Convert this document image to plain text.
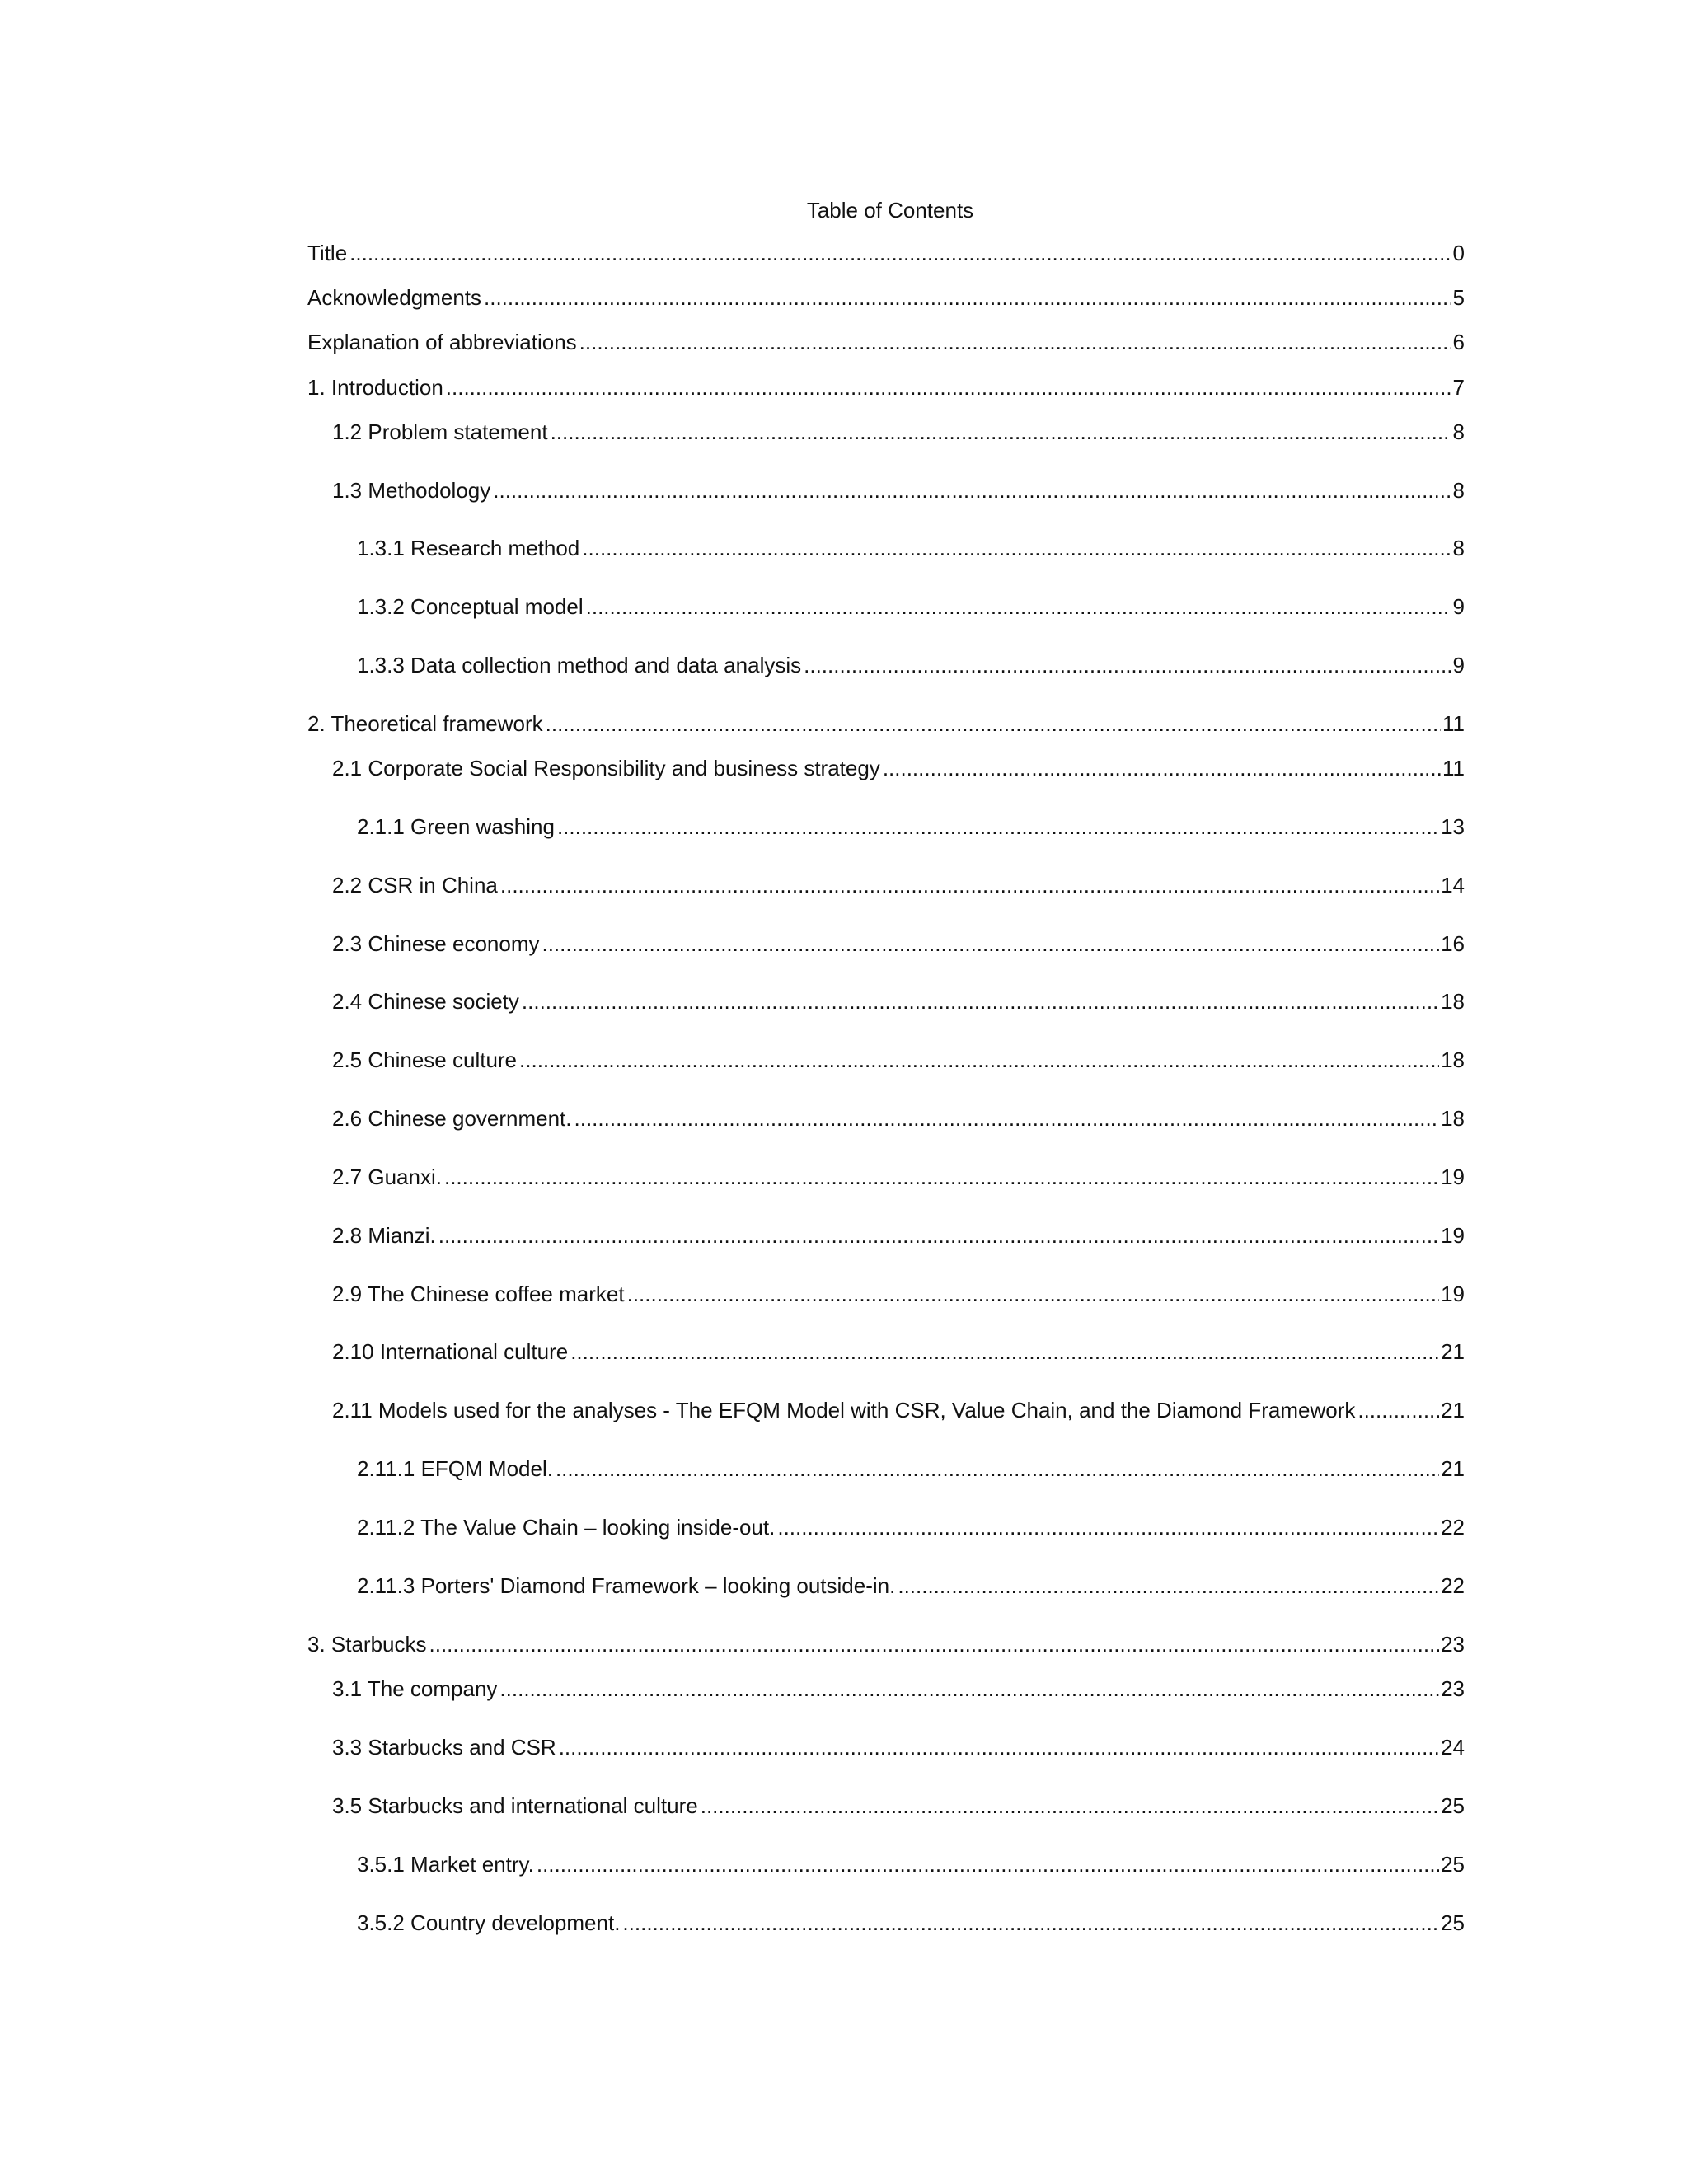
Table of Contents
Title .....	0
Acknowledgments .....	5
Explanation of abbreviations .....	6
1. Introduction .....	7
1.2 Problem statement .....	8
1.3 Methodology .....	8
1.3.1 Research method .....	8
1.3.2 Conceptual model .....	9
1.3.3 Data collection method and data analysis .....	9
2. Theoretical framework .....	11
2.1 Corporate Social Responsibility and business strategy .....	11
2.1.1 Green washing .....	13
2.2 CSR in China .....	14
2.3 Chinese economy .....	16
2.4 Chinese society .....	18
2.5 Chinese culture .....	18
2.6 Chinese government. .....	18
2.7 Guanxi. .....	19
2.8 Mianzi. .....	19
2.9 The Chinese coffee market .....	19
2.10 International culture .....	21
2.11 Models used for the analyses - The EFQM Model with CSR, Value Chain, and the Diamond Framework .....	21
2.11.1 EFQM Model. .....	21
2.11.2 The Value Chain – looking inside-out. .....	22
2.11.3 Porters' Diamond Framework – looking outside-in. .....	22
3. Starbucks .....	23
3.1 The company .....	23
3.3 Starbucks and CSR .....	24
3.5 Starbucks and international culture .....	25
3.5.1 Market entry. .....	25
3.5.2 Country development. .....	25
